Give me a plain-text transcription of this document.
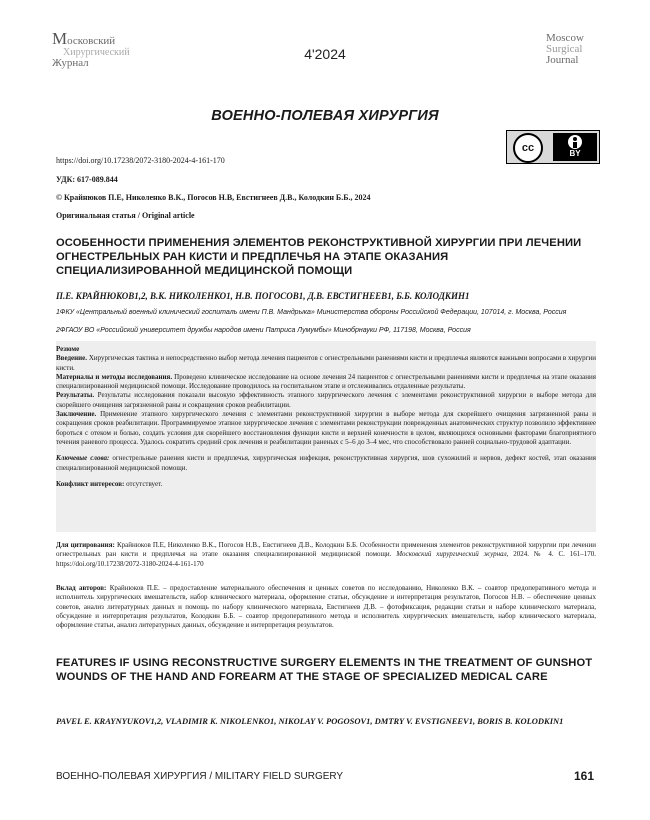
Московский
Хирургический
Журнал
Moscow
Surgical
Journal
4'2024
ВОЕННО-ПОЛЕВАЯ ХИРУРГИЯ
cc	BY
https://doi.org/10.17238/2072-3180-2024-4-161-170
УДК: 617-089.844
© Крайнюков П.Е, Николенко В.К., Погосов Н.В, Евстигнеев Д.В., Колодкин Б.Б., 2024
Оригинальная статья / Original article
ОСОБЕННОСТИ ПРИМЕНЕНИЯ ЭЛЕМЕНТОВ РЕКОНСТРУКТИВНОЙ ХИРУРГИИ ПРИ ЛЕЧЕНИИ ОГНЕСТРЕЛЬНЫХ РАН КИСТИ И ПРЕДПЛЕЧЬЯ НА ЭТАПЕ ОКАЗАНИЯ СПЕЦИАЛИЗИРОВАННОЙ МЕДИЦИНСКОЙ ПОМОЩИ
П.Е. КРАЙНЮКОВ1,2, В.К. НИКОЛЕНКО1, Н.В. ПОГОСОВ1, Д.В. ЕВСТИГНЕЕВ1, Б.Б. КОЛОДКИН1
1ФКУ «Центральный военный клинический госпиталь имени П.В. Мандрыка» Министерства обороны Российской Федерации, 107014, г. Москва, Россия
2ФГАОУ ВО «Российский университет дружбы народов имени Патриса Лумумбы» Минобрнауки РФ, 117198, Москва, Россия
Резюме
Введение. Хирургическая тактика и непосредственно выбор метода лечения пациентов с огнестрельными ранениями кисти и предплечья являются важными вопросами в хирургии кисти.
Материалы и методы исследования. Проведено клиническое исследование на основе лечения 24 пациентов с огнестрельными ранениями кисти и предплечья на этапе оказания специализированной медицинской помощи. Исследование проводилось на госпитальном этапе и отслеживались отдаленные результаты.
Результаты. Результаты исследования показали высокую эффективность этапного хирургического лечения с элементами реконструктивной хирургии в выборе метода для скорейшего очищения загрязненной раны и сокращения сроков реабилитации.
Заключение. Применение этапного хирургического лечения с элементами реконструктивной хирургии в выборе метода для скорейшего очищения загрязненной раны и сокращения сроков реабилитации. Программируемое этапное хирургическое лечения с элементами реконструкции поврежденных анатомических структур позволило эффективнее бороться с отеком и болью, создать условия для скорейшего восстановления функции кисти и верхней конечности в целом, являющихся основными факторами благоприятного течения раневого процесса. Удалось сократить средний срок лечения и реабилитации раненых с 5–6 до 3–4 мес, что способствовало ранней социально-трудовой адаптации.
Ключевые слова: огнестрельные ранения кисти и предплечья, хирургическая инфекция, реконструктивная хирургия, шов сухожилий и нервов, дефект костей, этап оказания специализированной медицинской помощи.
Конфликт интересов: отсутствует.
Для цитирования: Крайнюков П.Е, Николенко В.К., Погосов Н.В., Евстигнеев Д.В., Колодкин Б.Б. Особенности применения элементов реконструктивной хирургии при лечении огнестрельных ран кисти и предплечья на этапе оказания специализированной медицинской помощи. Московский хирургический журнал, 2024. № 4. С. 161–170. https://doi.org/10.17238/2072-3180-2024-4-161-170
Вклад авторов: Крайнюков П.Е. – предоставление материального обеспечения и ценных советов по исследованию, Николенко В.К. – соавтор предоперативного метода и исполнитель хирургических вмешательств, набор клинического материала, оформление статьи, обсуждение и интерпретация результатов, Погосов Н.В. – обеспечение ценных советов, анализ литературных данных и помощь по набору клинического материала, Евстигнеев Д.В. – фотофиксация, редакции статьи и наборе клинического материала, обсуждение и интерпретация результатов, Колодкин Б.Б. – соавтор предоперативного метода и исполнитель хирургических вмешательств, набор клинического материала, оформление статьи, анализ литературных данных, обсуждение и интерпретация результатов.
FEATURES IF USING RECONSTRUCTIVE SURGERY ELEMENTS IN THE TREATMENT OF GUNSHOT WOUNDS OF THE HAND AND FOREARM AT THE STAGE OF SPECIALIZED MEDICAL CARE
PAVEL E. KRAYNYUKOV1,2, VLADIMIR K. NIKOLENKO1, NIKOLAY V. POGOSOV1, DMTRY V. EVSTIGNEEV1, BORIS B. KOLODKIN1
ВОЕННО-ПОЛЕВАЯ ХИРУРГИЯ / MILITARY FIELD SURGERY	161
